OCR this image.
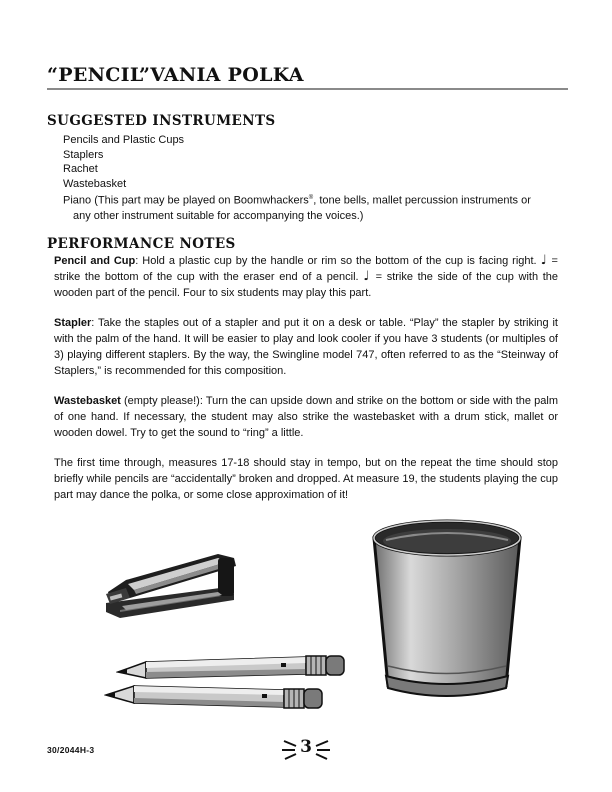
“PENCIL”VANIA POLKA
SUGGESTED INSTRUMENTS
Pencils and Plastic Cups
Staplers
Rachet
Wastebasket
Piano (This part may be played on Boomwhackers®, tone bells, mallet percussion instruments or any other instrument suitable for accompanying the voices.)
PERFORMANCE NOTES

Pencil and Cup: Hold a plastic cup by the handle or rim so the bottom of the cup is facing right. ♩ = strike the bottom of the cup with the eraser end of a pencil. ♩ = strike the side of the cup with the wooden part of the pencil. Four to six students may play this part.

Stapler: Take the staples out of a stapler and put it on a desk or table. “Play” the stapler by striking it with the palm of the hand. It will be easier to play and look cooler if you have 3 students (or multiples of 3) playing different staplers. By the way, the Swingline model 747, often referred to as the “Steinway of Staplers,” is recommended for this composition.

Wastebasket (empty please!): Turn the can upside down and strike on the bottom or side with the palm of one hand. If necessary, the student may also strike the wastebasket with a drum stick, mallet or wooden dowel. Try to get the sound to “ring” a little.

The first time through, measures 17-18 should stay in tempo, but on the repeat the time should stop briefly while pencils are “accidentally” broken and dropped. At measure 19, the students playing the cup part may dance the polka, or some close approximation of it!

30/2044H-3	3
